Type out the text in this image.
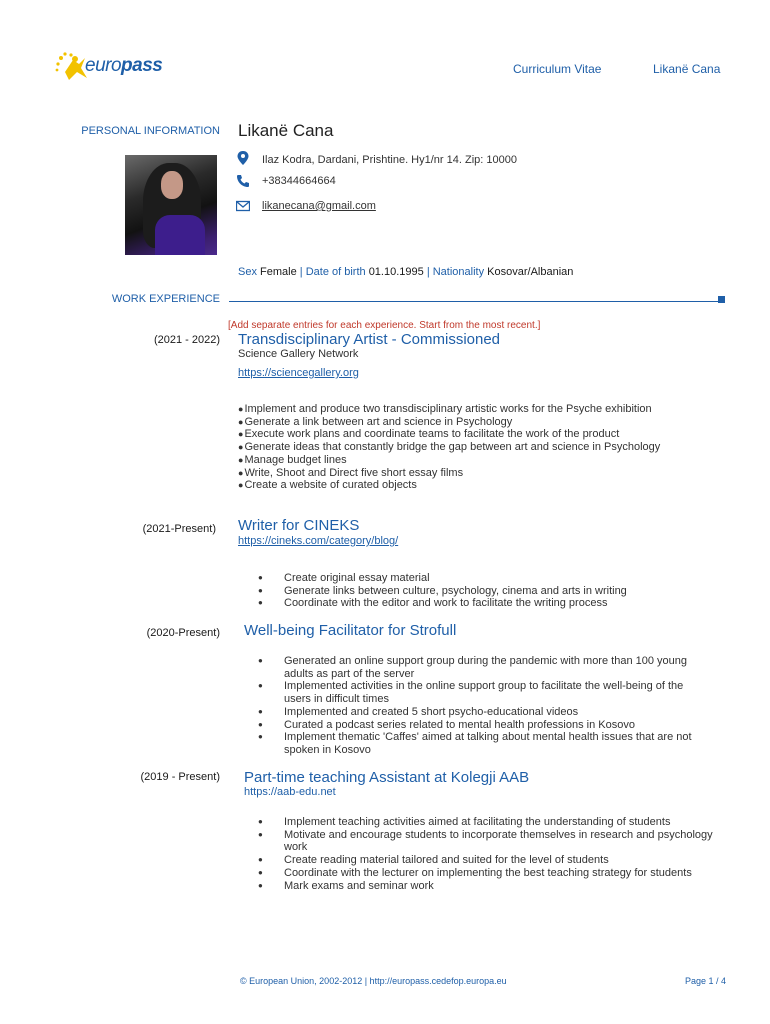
europass	Curriculum Vitae	Likanë Cana
PERSONAL INFORMATION Likanë Cana
Ilaz Kodra, Dardani, Prishtine. Hy1/nr 14. Zip: 10000
+38344664664
likanecana@gmail.com
Sex Female | Date of birth 01.10.1995 | Nationality Kosovar/Albanian
WORK EXPERIENCE
[Add separate entries for each experience. Start from the most recent.]
(2021 - 2022) Transdisciplinary Artist - Commissioned
Science Gallery Network
https://sciencegallery.org
● Implement and produce two transdisciplinary artistic works for the Psyche exhibition
● Generate a link between art and science in Psychology
● Execute work plans and coordinate teams to facilitate the work of the product
● Generate ideas that constantly bridge the gap between art and science in Psychology
● Manage budget lines
● Write, Shoot and Direct five short essay films
● Create a website of curated objects
(2021-Present) Writer for CINEKS
https://cineks.com/category/blog/
● Create original essay material
● Generate links between culture, psychology, cinema and arts in writing
● Coordinate with the editor and work to facilitate the writing process
(2020-Present) Well-being Facilitator for Strofull
● Generated an online support group during the pandemic with more than 100 young adults as part of the server
● Implemented activities in the online support group to facilitate the well-being of the users in difficult times
● Implemented and created 5 short psycho-educational videos
● Curated a podcast series related to mental health professions in Kosovo
● Implement thematic 'Caffes' aimed at talking about mental health issues that are not spoken in Kosovo
(2019 - Present) Part-time teaching Assistant at Kolegji AAB
https://aab-edu.net
● Implement teaching activities aimed at facilitating the understanding of students
● Motivate and encourage students to incorporate themselves in research and psychology work
● Create reading material tailored and suited for the level of students
● Coordinate with the lecturer on implementing the best teaching strategy for students
● Mark exams and seminar work
© European Union, 2002-2012 | http://europass.cedefop.europa.eu	Page 1 / 4
